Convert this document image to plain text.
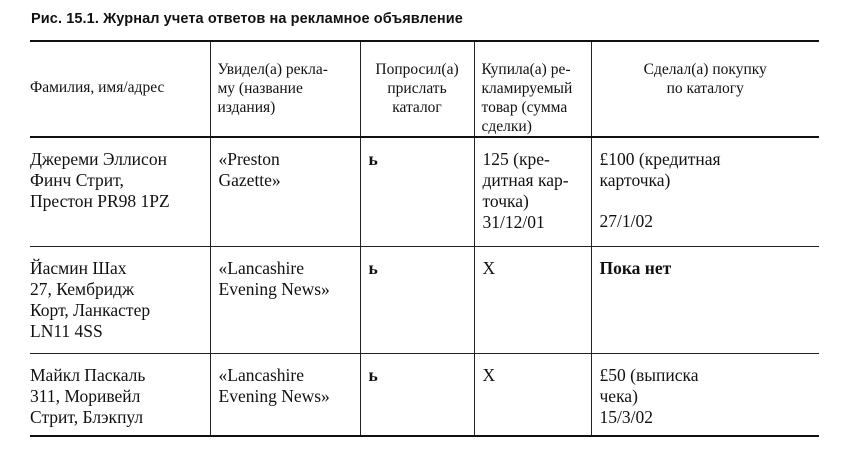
Рис. 15.1. Журнал учета ответов на рекламное объявление
Фамилия, имя/адрес	Увидел(а) рекла-
му (название
издания)	Попросил(а)
прислать
каталог	Купила(а) ре-
кламируемый
товар (сумма
сделки)	Сделал(а) покупку
по каталогу

Джереми Эллисон
Финч Стрит,
Престон PR98 1PZ	«Preston
Gazette»	ь	125 (кре-
дитная кар-
точка)
31/12/01	£100 (кредитная
карточка)
27/1/02

Йасмин Шах
27, Кембридж
Корт, Ланкастер
LN11 4SS	«Lancashire
Evening News»	ь	X	Пока нет

Майкл Паскаль
311, Моривейл
Стрит, Блэкпул	«Lancashire
Evening News»	ь	X	£50 (выписка
чека)
15/3/02
